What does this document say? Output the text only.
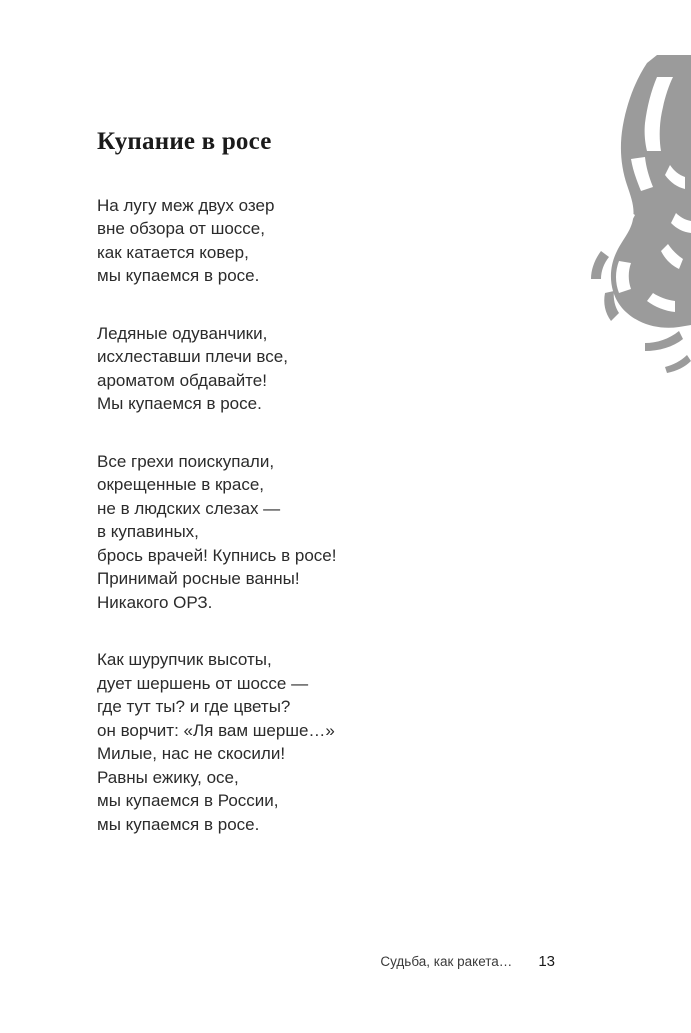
Купание в росе
На лугу меж двух озер
вне обзора от шоссе,
как катается ковер,
мы купаемся в росе.
Ледяные одуванчики,
исхлеставши плечи все,
ароматом обдавайте!
Мы купаемся в росе.
Все грехи поискупали,
окрещенные в красе,
не в людских слезах —
в купавиных,
брось врачей! Купнись в росе!
Принимай росные ванны!
Никакого ОРЗ.
Как шурупчик высоты,
дует шершень от шоссе —
где тут ты? и где цветы?
он ворчит: «Ля вам шерше…»
Милые, нас не скосили!
Равны ежику, осе,
мы купаемся в России,
мы купаемся в росе.
Судьба, как ракета… 13
